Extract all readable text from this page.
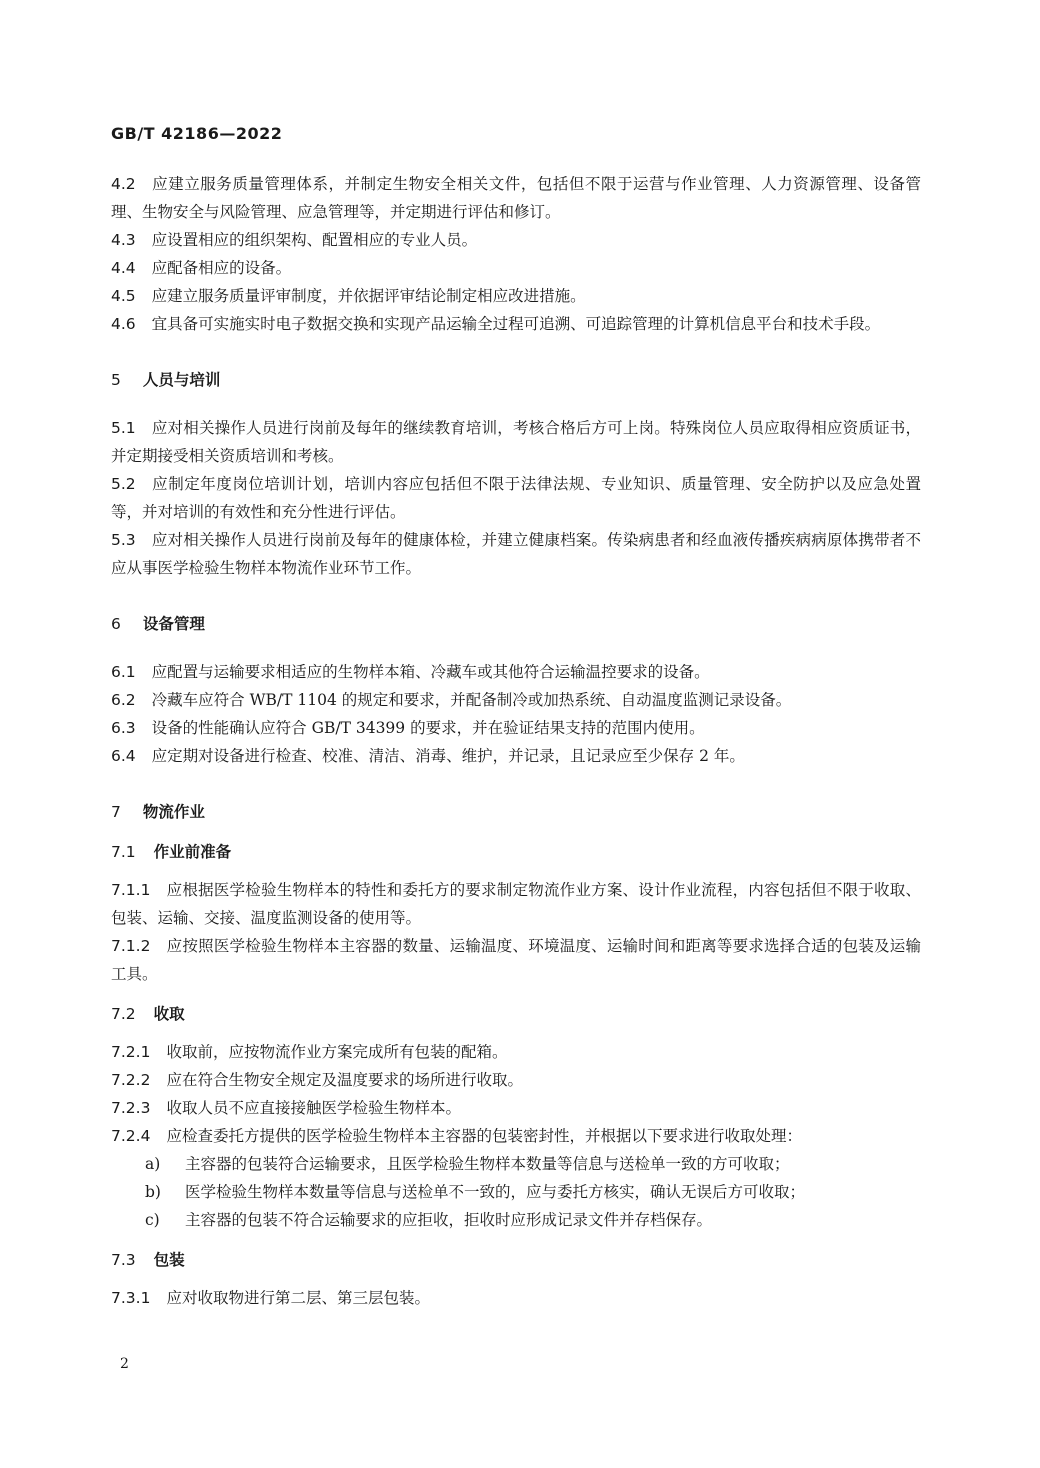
GB/T 42186—2022

4.2 应建立服务质量管理体系，并制定生物安全相关文件，包括但不限于运营与作业管理、人力资源管理、设备管理、生物安全与风险管理、应急管理等，并定期进行评估和修订。

4.3 应设置相应的组织架构、配置相应的专业人员。

4.4 应配备相应的设备。

4.5 应建立服务质量评审制度，并依据评审结论制定相应改进措施。

4.6 宜具备可实施实时电子数据交换和实现产品运输全过程可追溯、可追踪管理的计算机信息平台和技术手段。

5 人员与培训

5.1 应对相关操作人员进行岗前及每年的继续教育培训，考核合格后方可上岗。特殊岗位人员应取得相应资质证书，并定期接受相关资质培训和考核。

5.2 应制定年度岗位培训计划，培训内容应包括但不限于法律法规、专业知识、质量管理、安全防护以及应急处置等，并对培训的有效性和充分性进行评估。

5.3 应对相关操作人员进行岗前及每年的健康体检，并建立健康档案。传染病患者和经血液传播疾病病原体携带者不应从事医学检验生物样本物流作业环节工作。

6 设备管理

6.1 应配置与运输要求相适应的生物样本箱、冷藏车或其他符合运输温控要求的设备。

6.2 冷藏车应符合 WB/T 1104 的规定和要求，并配备制冷或加热系统、自动温度监测记录设备。

6.3 设备的性能确认应符合 GB/T 34399 的要求，并在验证结果支持的范围内使用。

6.4 应定期对设备进行检查、校准、清洁、消毒、维护，并记录，且记录应至少保存 2 年。

7 物流作业

7.1 作业前准备

7.1.1 应根据医学检验生物样本的特性和委托方的要求制定物流作业方案、设计作业流程，内容包括但不限于收取、包装、运输、交接、温度监测设备的使用等。

7.1.2 应按照医学检验生物样本主容器的数量、运输温度、环境温度、运输时间和距离等要求选择合适的包装及运输工具。

7.2 收取

7.2.1 收取前，应按物流作业方案完成所有包装的配箱。

7.2.2 应在符合生物安全规定及温度要求的场所进行收取。

7.2.3 收取人员不应直接接触医学检验生物样本。

7.2.4 应检查委托方提供的医学检验生物样本主容器的包装密封性，并根据以下要求进行收取处理：

a) 主容器的包装符合运输要求，且医学检验生物样本数量等信息与送检单一致的方可收取；

b) 医学检验生物样本数量等信息与送检单不一致的，应与委托方核实，确认无误后方可收取；

c) 主容器的包装不符合运输要求的应拒收，拒收时应形成记录文件并存档保存。

7.3 包装

7.3.1 应对收取物进行第二层、第三层包装。

2
